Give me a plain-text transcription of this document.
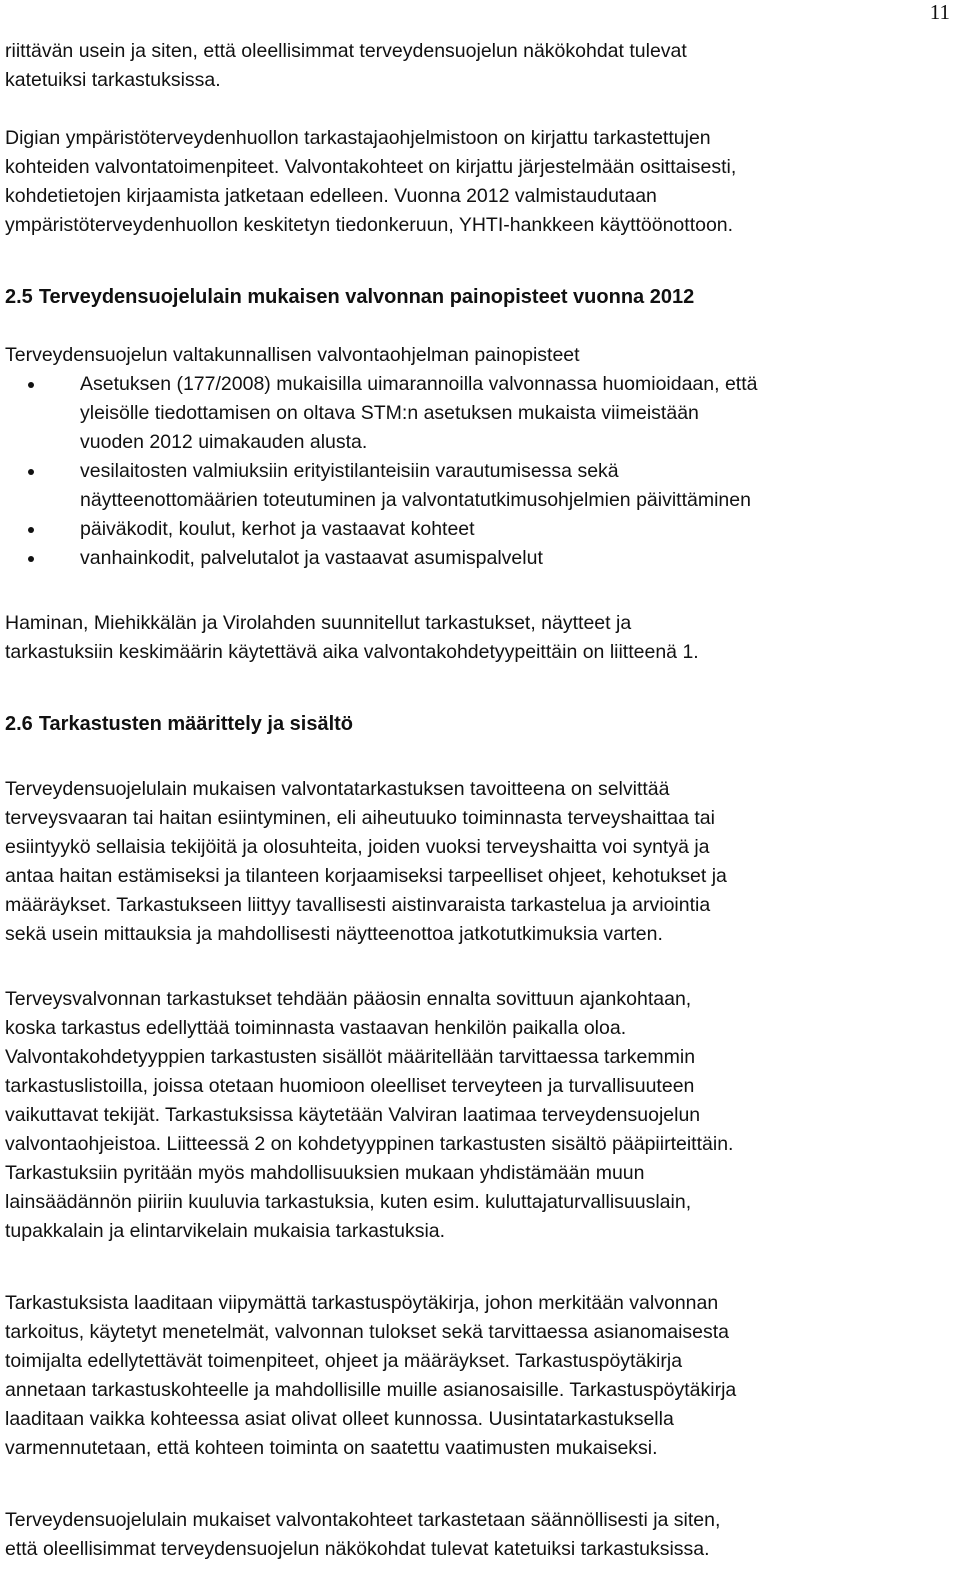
11

riittävän usein ja siten, että oleellisimmat terveydensuojelun näkökohdat tulevat
katetuiksi tarkastuksissa.

Digian ympäristöterveydenhuollon tarkastajaohjelmistoon on kirjattu tarkastettujen
kohteiden valvontatoimenpiteet. Valvontakohteet on kirjattu järjestelmään osittaisesti,
kohdetietojen kirjaamista jatketaan edelleen. Vuonna 2012 valmistaudutaan
ympäristöterveydenhuollon keskitetyn tiedonkeruun, YHTI-hankkeen käyttöönottoon.

2.5 Terveydensuojelulain mukaisen valvonnan painopisteet vuonna 2012

Terveydensuojelun valtakunnallisen valvontaohjelman painopisteet

Asetuksen (177/2008) mukaisilla uimarannoilla valvonnassa huomioidaan, että
yleisölle tiedottamisen on oltava STM:n asetuksen mukaista viimeistään
vuoden 2012 uimakauden alusta.
vesilaitosten valmiuksiin erityistilanteisiin varautumisessa sekä
näytteenottomäärien toteutuminen ja valvontatutkimusohjelmien päivittäminen
päiväkodit, koulut, kerhot ja vastaavat kohteet
vanhainkodit, palvelutalot ja vastaavat asumispalvelut

Haminan, Miehikkälän ja Virolahden suunnitellut tarkastukset, näytteet ja
tarkastuksiin keskimäärin käytettävä aika valvontakohdetyypeittäin on liitteenä 1.

2.6 Tarkastusten määrittely ja sisältö

Terveydensuojelulain mukaisen valvontatarkastuksen tavoitteena on selvittää
terveysvaaran tai haitan esiintyminen, eli aiheutuuko toiminnasta terveyshaittaa tai
esiintyykö sellaisia tekijöitä ja olosuhteita, joiden vuoksi terveyshaitta voi syntyä ja
antaa haitan estämiseksi ja tilanteen korjaamiseksi tarpeelliset ohjeet, kehotukset ja
määräykset. Tarkastukseen liittyy tavallisesti aistinvaraista tarkastelua ja arviointia
sekä usein mittauksia ja mahdollisesti näytteenottoa jatkotutkimuksia varten.

Terveysvalvonnan tarkastukset tehdään pääosin ennalta sovittuun ajankohtaan,
koska tarkastus edellyttää toiminnasta vastaavan henkilön paikalla oloa.
Valvontakohdetyyppien tarkastusten sisällöt määritellään tarvittaessa tarkemmin
tarkastuslistoilla, joissa otetaan huomioon oleelliset terveyteen ja turvallisuuteen
vaikuttavat tekijät. Tarkastuksissa käytetään Valviran laatimaa terveydensuojelun
valvontaohjeistoa. Liitteessä 2 on kohdetyyppinen tarkastusten sisältö pääpiirteittäin.
Tarkastuksiin pyritään myös mahdollisuuksien mukaan yhdistämään muun
lainsäädännön piiriin kuuluvia tarkastuksia, kuten esim. kuluttajaturvallisuuslain,
tupakkalain ja elintarvikelain mukaisia tarkastuksia.

Tarkastuksista laaditaan viipymättä tarkastuspöytäkirja, johon merkitään valvonnan
tarkoitus, käytetyt menetelmät, valvonnan tulokset sekä tarvittaessa asianomaisesta
toimijalta edellytettävät toimenpiteet, ohjeet ja määräykset. Tarkastuspöytäkirja
annetaan tarkastuskohteelle ja mahdollisille muille asianosaisille. Tarkastuspöytäkirja
laaditaan vaikka kohteessa asiat olivat olleet kunnossa. Uusintatarkastuksella
varmennutetaan, että kohteen toiminta on saatettu vaatimusten mukaiseksi.

Terveydensuojelulain mukaiset valvontakohteet tarkastetaan säännöllisesti ja siten,
että oleellisimmat terveydensuojelun näkökohdat tulevat katetuiksi tarkastuksissa.
